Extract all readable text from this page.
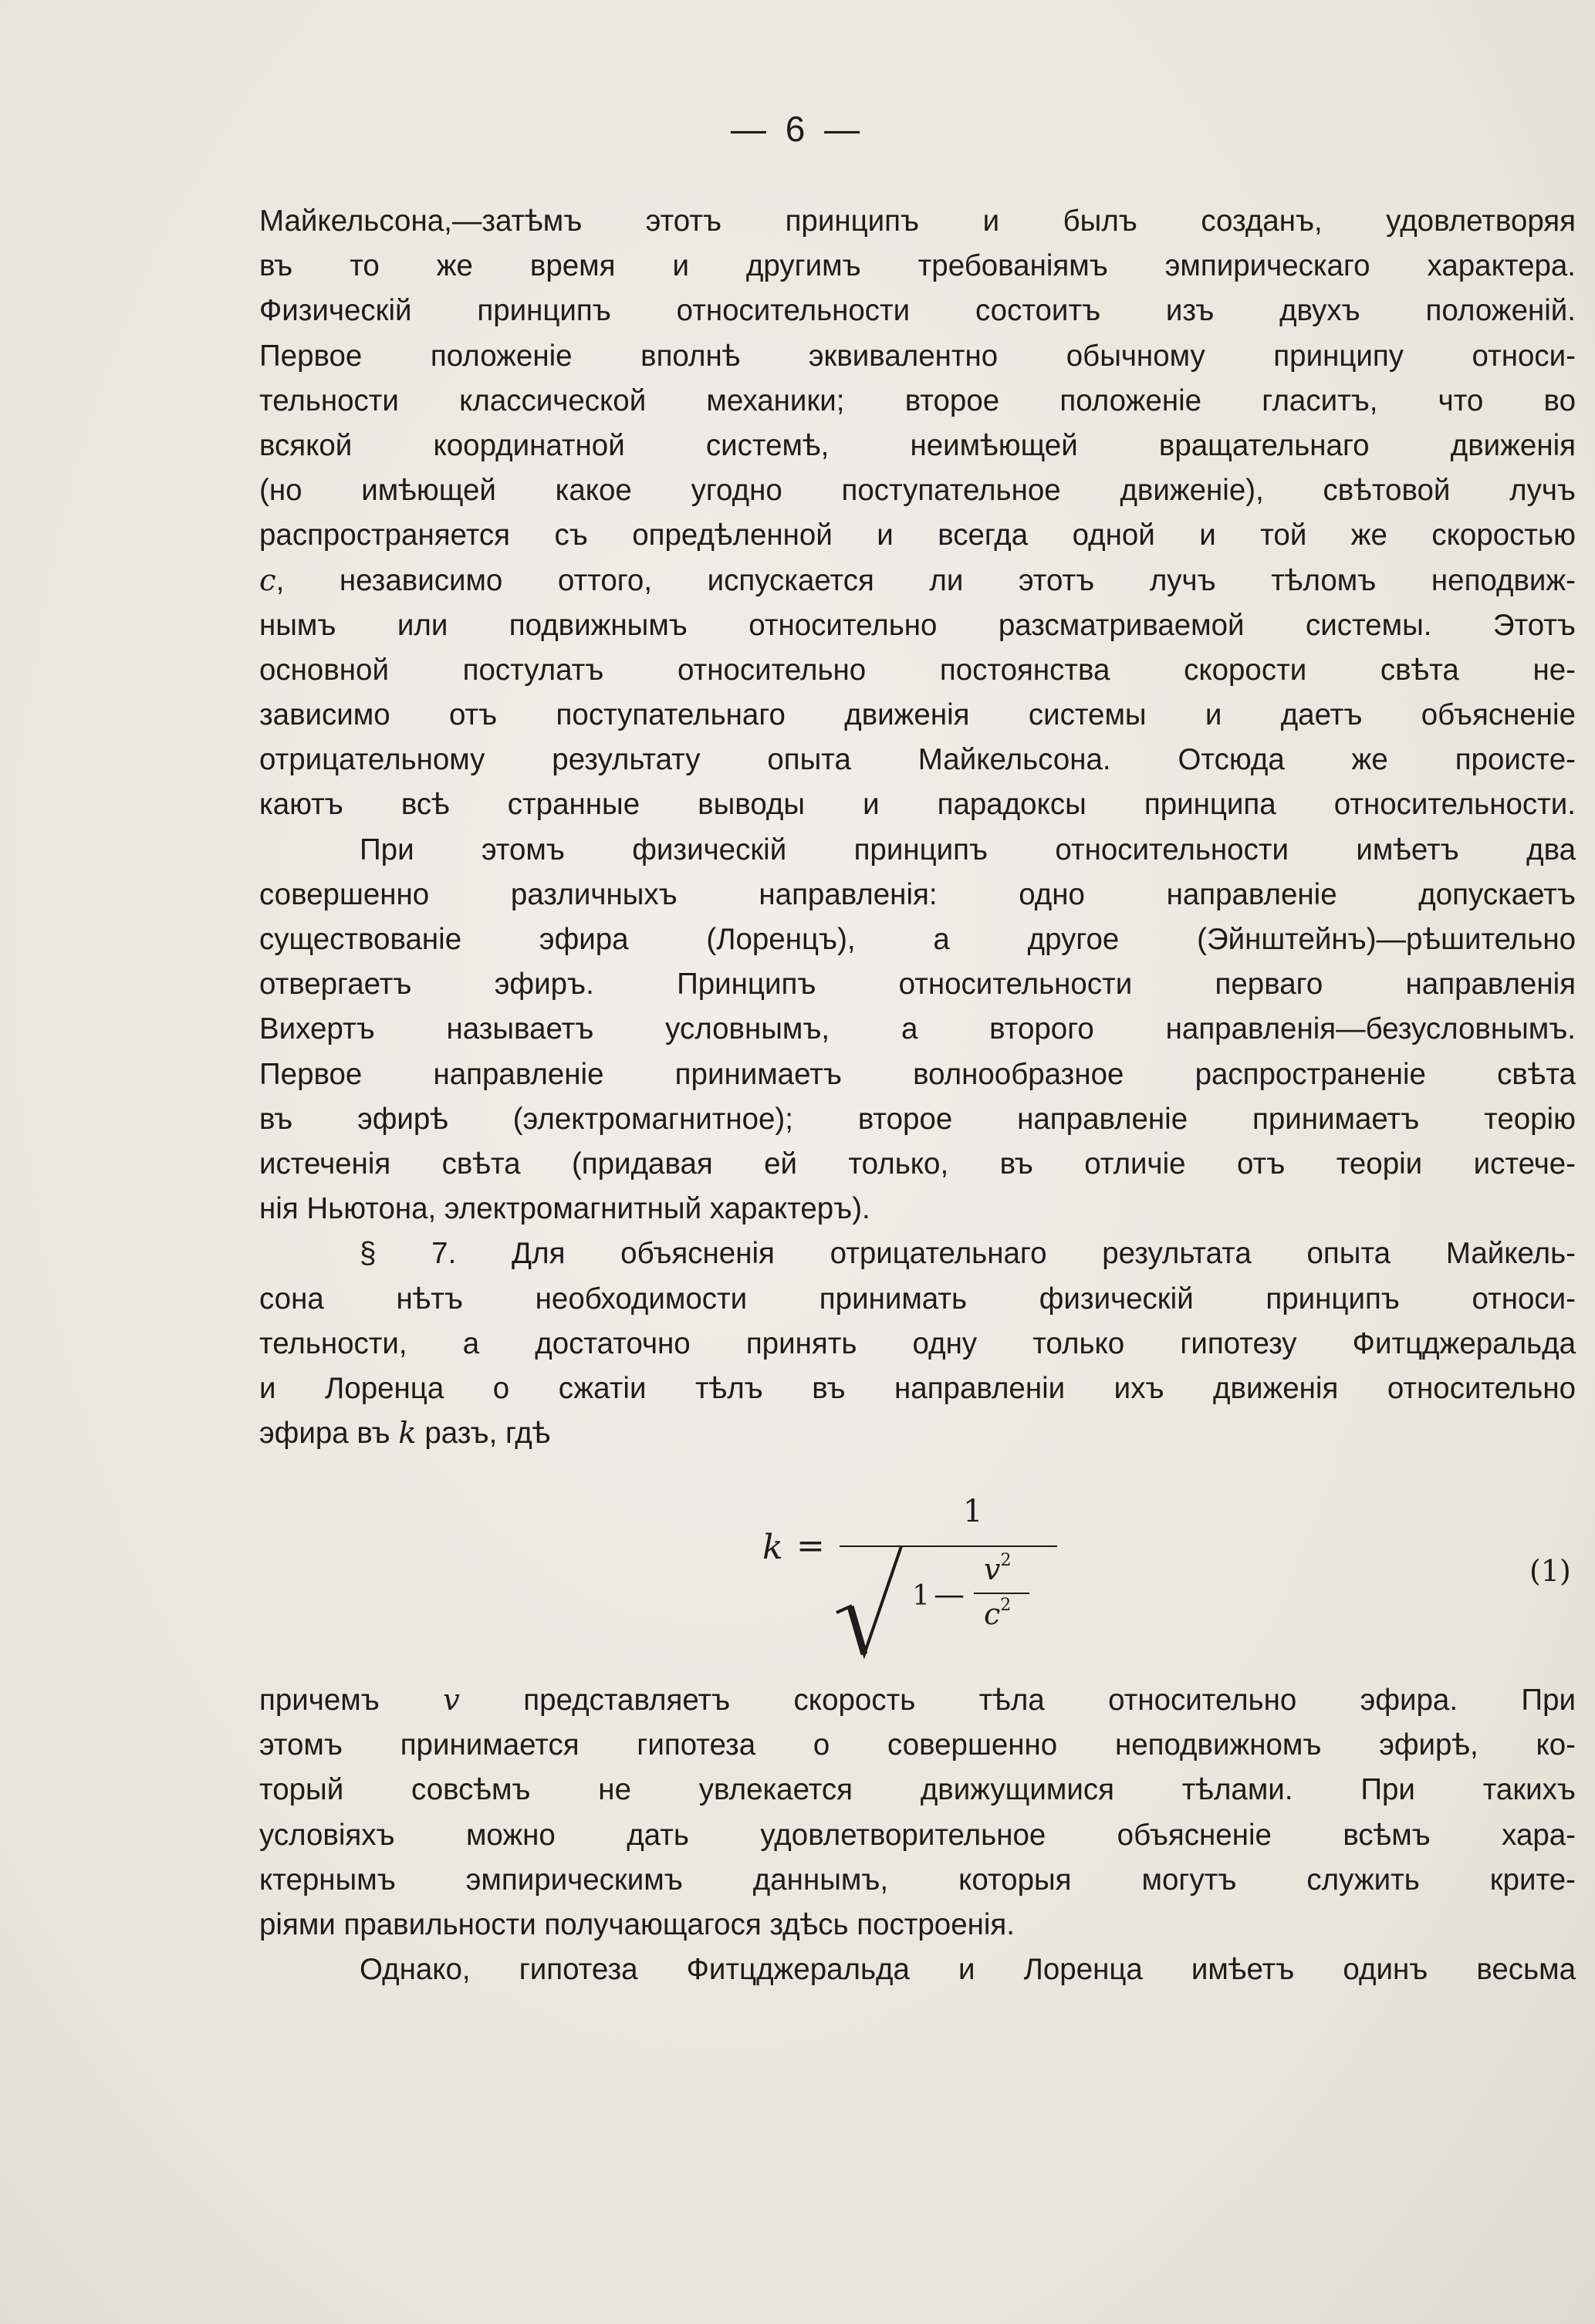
— 6 —
Майкельсона,—затѣмъ этотъ принципъ и былъ созданъ, удовлетворяя
въ то же время и другимъ требованiямъ эмпирическаго характера.
Физическiй принципъ относительности состоитъ изъ двухъ положенiй.
Первое положенiе вполнѣ эквивалентно обычному принципу относи-
тельности классической механики; второе положенiе гласитъ, что во
всякой координатной системѣ, неимѣющей вращательнаго движенiя
(но имѣющей какое угодно поступательное движенiе), свѣтовой лучъ
распространяется съ опредѣленной и всегда одной и той же скоростью
c, независимо оттого, испускается ли этотъ лучъ тѣломъ неподвиж-
нымъ или подвижнымъ относительно разсматриваемой системы. Этотъ
основной постулатъ относительно постоянства скорости свѣта не-
зависимо отъ поступательнаго движенiя системы и даетъ объясненiе
отрицательному результату опыта Майкельсона. Отсюда же проистe-
каютъ всѣ странные выводы и парадоксы принципа относительности.
При этомъ физическiй принципъ относительности имѣетъ два
совершенно различныхъ направленiя: одно направленiе допускаетъ
существованiе эфира (Лоренцъ), а другое (Эйнштейнъ)—рѣшительно
отвергаетъ эфиръ. Принципъ относительности перваго направленiя
Вихертъ называетъ условнымъ, а второго направленiя—безусловнымъ.
Первое направленiе принимаетъ волнообразное распространенiе свѣта
въ эфирѣ (электромагнитное); второе направленiе принимаетъ теорiю
истеченiя свѣта (придавая ей только, въ отличiе отъ теорiи истече-
нiя Ньютона, электромагнитный характеръ).
§ 7. Для объясненiя отрицательнаго результата опыта Майкель-
сона нѣтъ необходимости принимать физическiй принципъ относи-
тельности, а достаточно принять одну только гипотезу Фитцджеральда
и Лоренца о сжатiи тѣлъ въ направленiи ихъ движенiя относительно
эфира въ k разъ, гдѣ
k =
1
1 —
$v^2$
$c^2$
(1)
причемъ v представляетъ скорость тѣла относительно эфира. При
этомъ принимается гипотеза о совершенно неподвижномъ эфирѣ, ко-
торый совсѣмъ не увлекается движущимися тѣлами. При такихъ
условiяхъ можно дать удовлетворительное объясненiе всѣмъ хара-
ктернымъ эмпирическимъ даннымъ, которыя могутъ служить крите-
рiями правильности получающагося здѣсь построенiя.
Однако, гипотеза Фитцджеральда и Лоренца имѣетъ одинъ весьма
